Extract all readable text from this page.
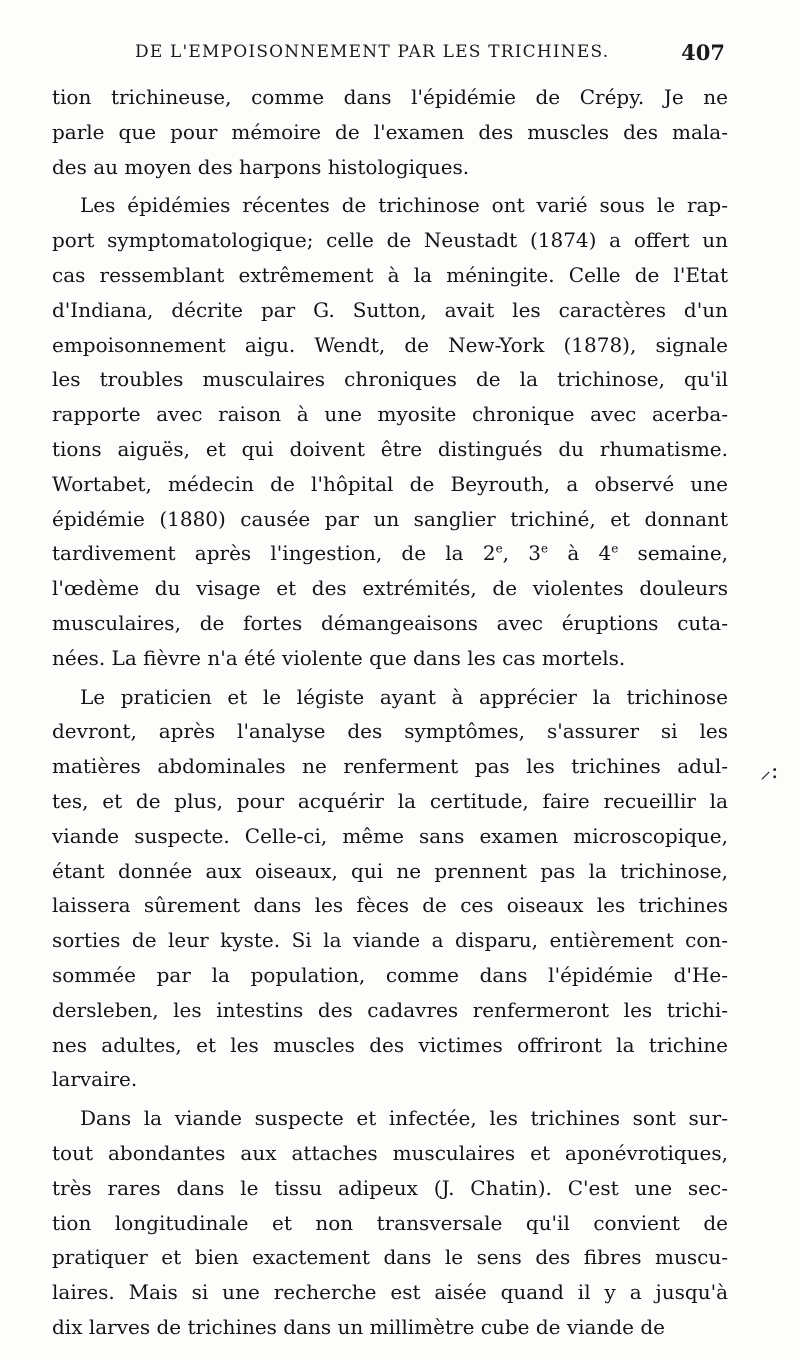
DE L'EMPOISONNEMENT PAR LES TRICHINES.	407
tion trichineuse, comme dans l'épidémie de Crépy. Je ne
parle que pour mémoire de l'examen des muscles des mala-
des au moyen des harpons histologiques.
Les épidémies récentes de trichinose ont varié sous le rap-
port symptomatologique; celle de Neustadt (1874) a offert un
cas ressemblant extrêmement à la méningite. Celle de l'Etat
d'Indiana, décrite par G. Sutton, avait les caractères d'un
empoisonnement aigu. Wendt, de New-York (1878), signale
les troubles musculaires chroniques de la trichinose, qu'il
rapporte avec raison à une myosite chronique avec acerba-
tions aiguës, et qui doivent être distingués du rhumatisme.
Wortabet, médecin de l'hôpital de Beyrouth, a observé une
épidémie (1880) causée par un sanglier trichiné, et donnant
tardivement après l'ingestion, de la 2e, 3e à 4e semaine,
l'œdème du visage et des extrémités, de violentes douleurs
musculaires, de fortes démangeaisons avec éruptions cuta-
nées. La fièvre n'a été violente que dans les cas mortels.
Le praticien et le légiste ayant à apprécier la trichinose
devront, après l'analyse des symptômes, s'assurer si les
matières abdominales ne renferment pas les trichines adul-
tes, et de plus, pour acquérir la certitude, faire recueillir la
viande suspecte. Celle-ci, même sans examen microscopique,
étant donnée aux oiseaux, qui ne prennent pas la trichinose,
laissera sûrement dans les fèces de ces oiseaux les trichines
sorties de leur kyste. Si la viande a disparu, entièrement con-
sommée par la population, comme dans l'épidémie d'He-
dersleben, les intestins des cadavres renfermeront les trichi-
nes adultes, et les muscles des victimes offriront la trichine
larvaire.
Dans la viande suspecte et infectée, les trichines sont sur-
tout abondantes aux attaches musculaires et aponévrotiques,
très rares dans le tissu adipeux (J. Chatin). C'est une sec-
tion longitudinale et non transversale qu'il convient de
pratiquer et bien exactement dans le sens des fibres muscu-
laires. Mais si une recherche est aisée quand il y a jusqu'à
dix larves de trichines dans un millimètre cube de viande de
⸝:
